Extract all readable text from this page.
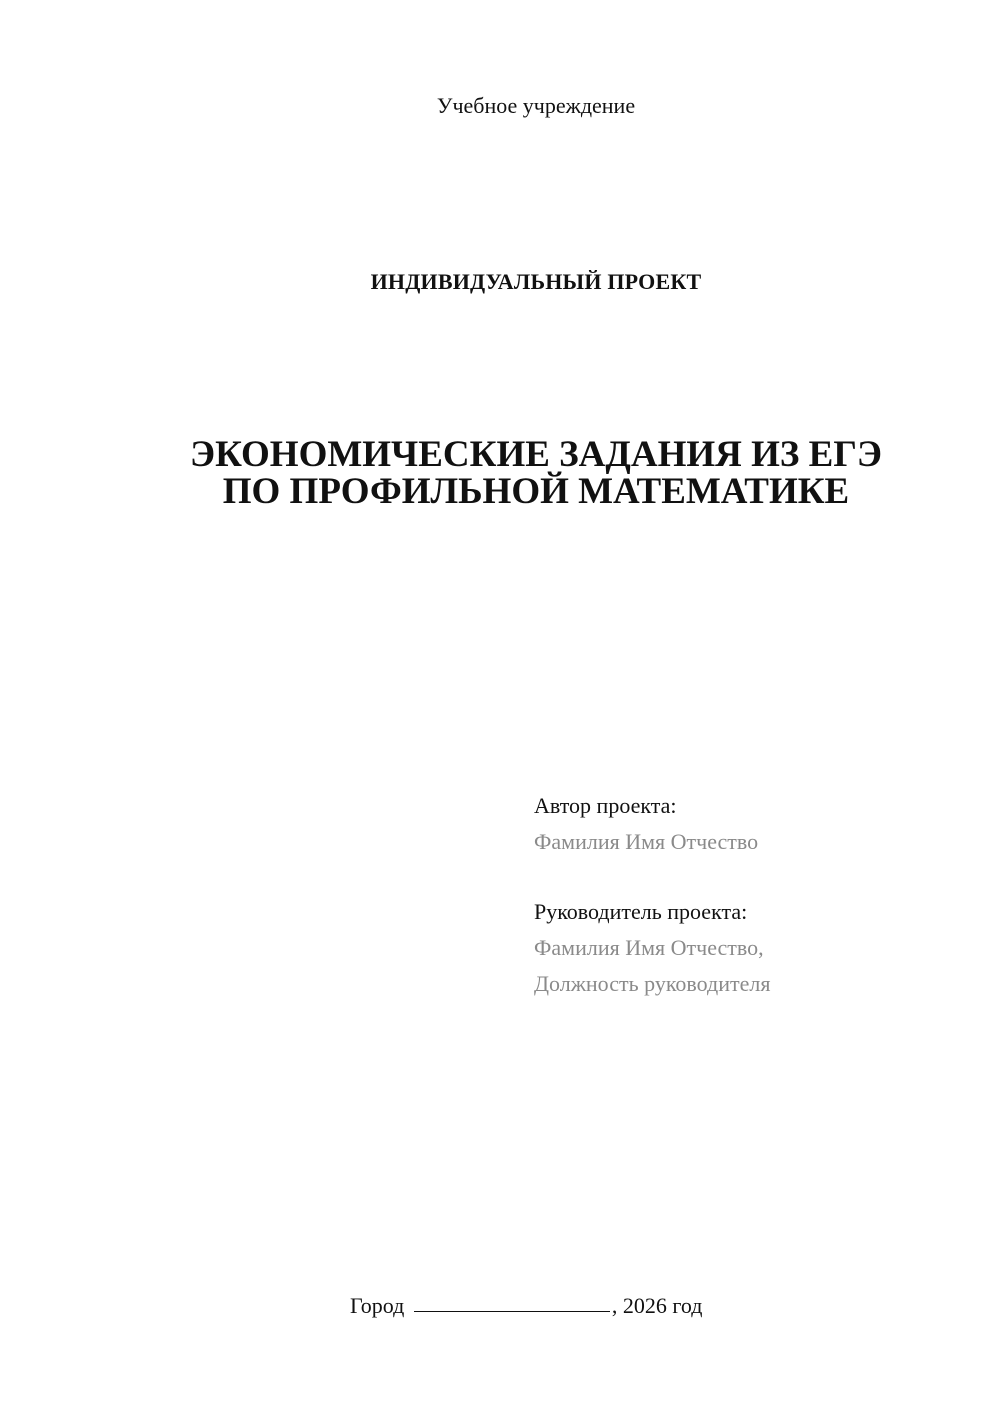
Учебное учреждение
ИНДИВИДУАЛЬНЫЙ ПРОЕКТ
ЭКОНОМИЧЕСКИЕ ЗАДАНИЯ ИЗ ЕГЭ
ПО ПРОФИЛЬНОЙ МАТЕМАТИКЕ
Автор проекта:
Фамилия Имя Отчество
Руководитель проекта:
Фамилия Имя Отчество,
Должность руководителя
Город	, 2026 год
